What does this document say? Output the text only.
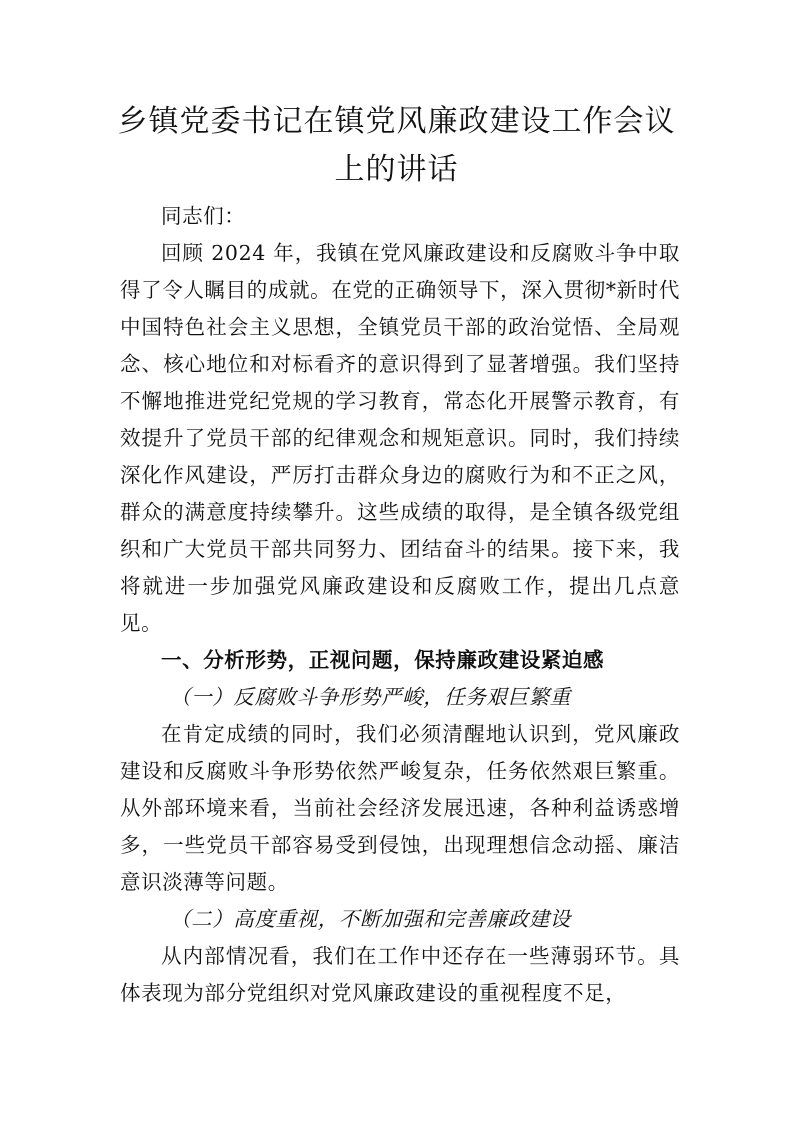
乡镇党委书记在镇党风廉政建设工作会议
上的讲话

同志们：

回顾 2024 年，我镇在党风廉政建设和反腐败斗争中取得了令人瞩目的成就。在党的正确领导下，深入贯彻*新时代中国特色社会主义思想，全镇党员干部的政治觉悟、全局观念、核心地位和对标看齐的意识得到了显著增强。我们坚持不懈地推进党纪党规的学习教育，常态化开展警示教育，有效提升了党员干部的纪律观念和规矩意识。同时，我们持续深化作风建设，严厉打击群众身边的腐败行为和不正之风，群众的满意度持续攀升。这些成绩的取得，是全镇各级党组织和广大党员干部共同努力、团结奋斗的结果。接下来，我将就进一步加强党风廉政建设和反腐败工作，提出几点意见。

一、分析形势，正视问题，保持廉政建设紧迫感

（一）反腐败斗争形势严峻，任务艰巨繁重

在肯定成绩的同时，我们必须清醒地认识到，党风廉政建设和反腐败斗争形势依然严峻复杂，任务依然艰巨繁重。从外部环境来看，当前社会经济发展迅速，各种利益诱惑增多，一些党员干部容易受到侵蚀，出现理想信念动摇、廉洁意识淡薄等问题。

（二）高度重视，不断加强和完善廉政建设

从内部情况看，我们在工作中还存在一些薄弱环节。具体表现为部分党组织对党风廉政建设的重视程度不足，
